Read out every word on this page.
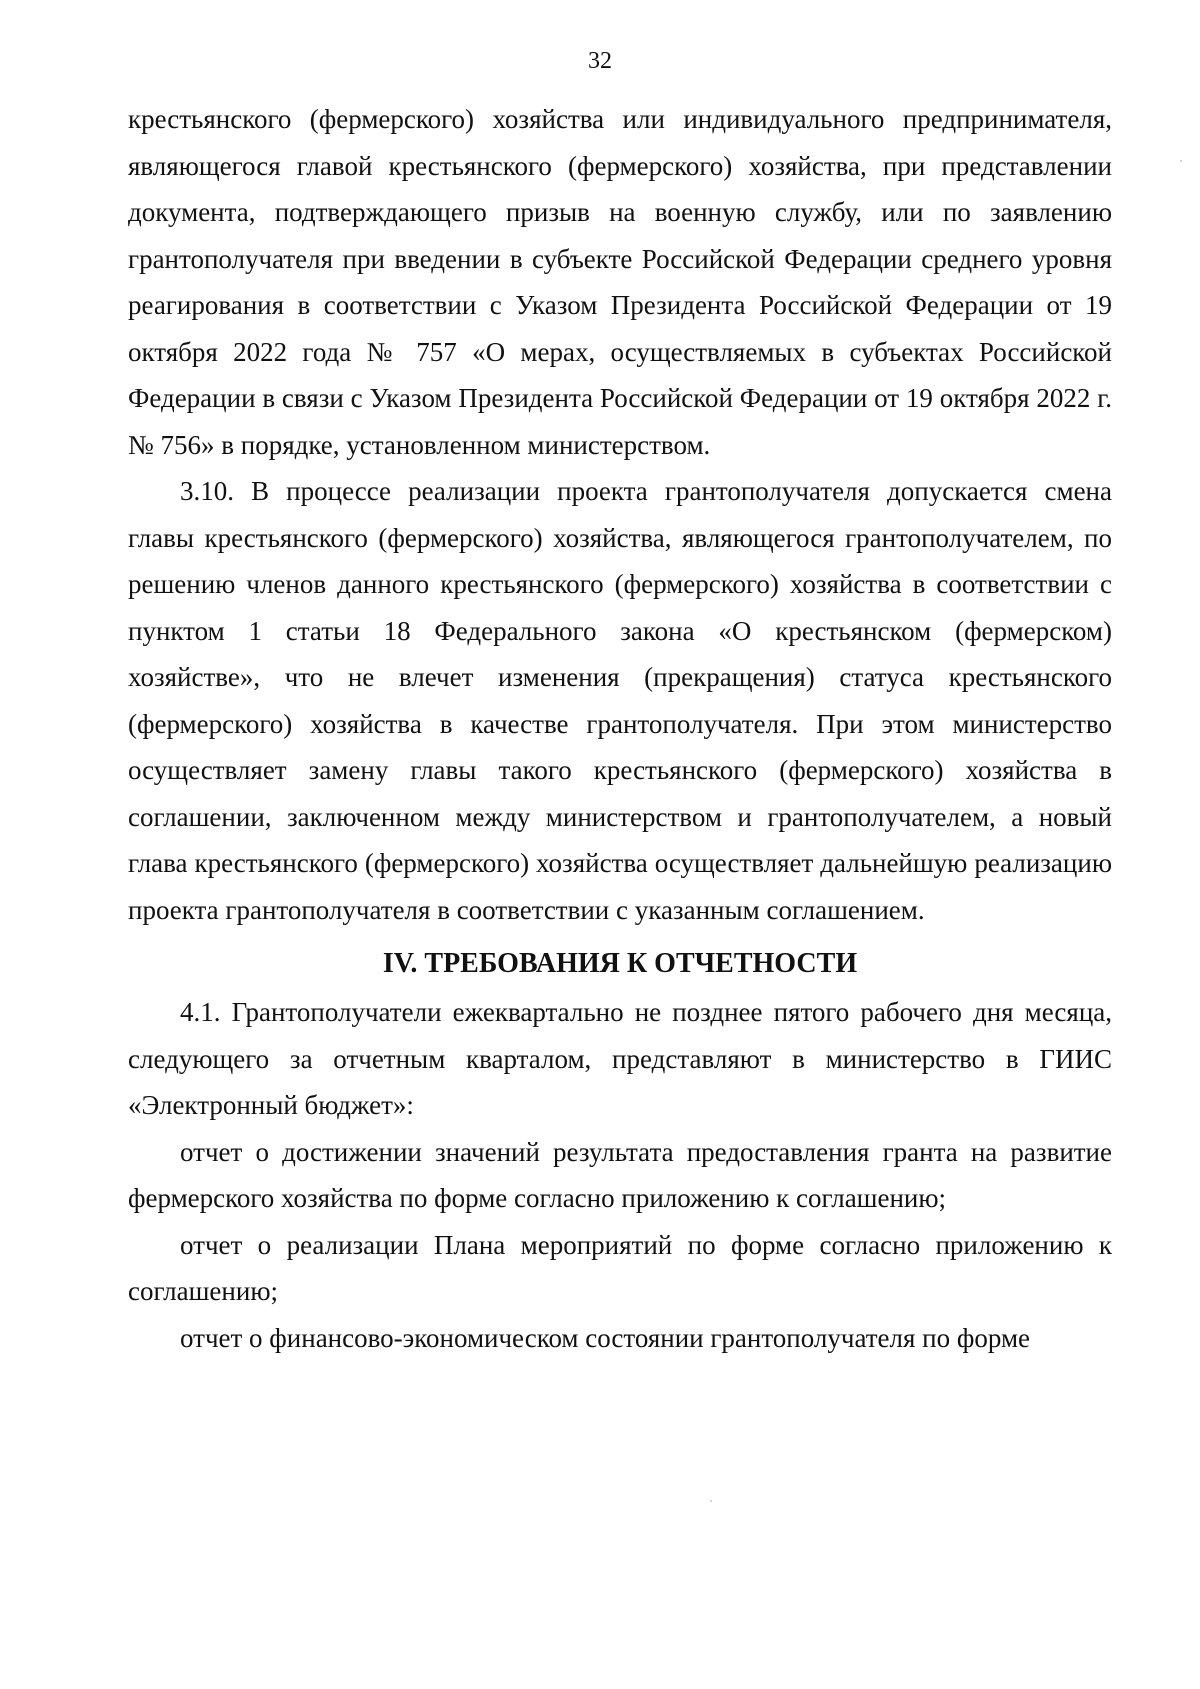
32

крестьянского (фермерского) хозяйства или индивидуального предпринимателя, являющегося главой крестьянского (фермерского) хозяйства, при представлении документа, подтверждающего призыв на военную службу, или по заявлению грантополучателя при введении в субъекте Российской Федерации среднего уровня реагирования в соответствии с Указом Президента Российской Федерации от 19 октября 2022 года № 757 «О мерах, осуществляемых в субъектах Российской Федерации в связи с Указом Президента Российской Федерации от 19 октября 2022 г. № 756» в порядке, установленном министерством.

3.10. В процессе реализации проекта грантополучателя допускается смена главы крестьянского (фермерского) хозяйства, являющегося грантополучателем, по решению членов данного крестьянского (фермерского) хозяйства в соответствии с пунктом 1 статьи 18 Федерального закона «О крестьянском (фермерском) хозяйстве», что не влечет изменения (прекращения) статуса крестьянского (фермерского) хозяйства в качестве грантополучателя. При этом министерство осуществляет замену главы такого крестьянского (фермерского) хозяйства в соглашении, заключенном между министерством и грантополучателем, а новый глава крестьянского (фермерского) хозяйства осуществляет дальнейшую реализацию проекта грантополучателя в соответствии с указанным соглашением.

IV. ТРЕБОВАНИЯ К ОТЧЕТНОСТИ

4.1. Грантополучатели ежеквартально не позднее пятого рабочего дня месяца, следующего за отчетным кварталом, представляют в министерство в ГИИС «Электронный бюджет»:

отчет о достижении значений результата предоставления гранта на развитие фермерского хозяйства по форме согласно приложению к соглашению;

отчет о реализации Плана мероприятий по форме согласно приложению к соглашению;

отчет о финансово-экономическом состоянии грантополучателя по форме
